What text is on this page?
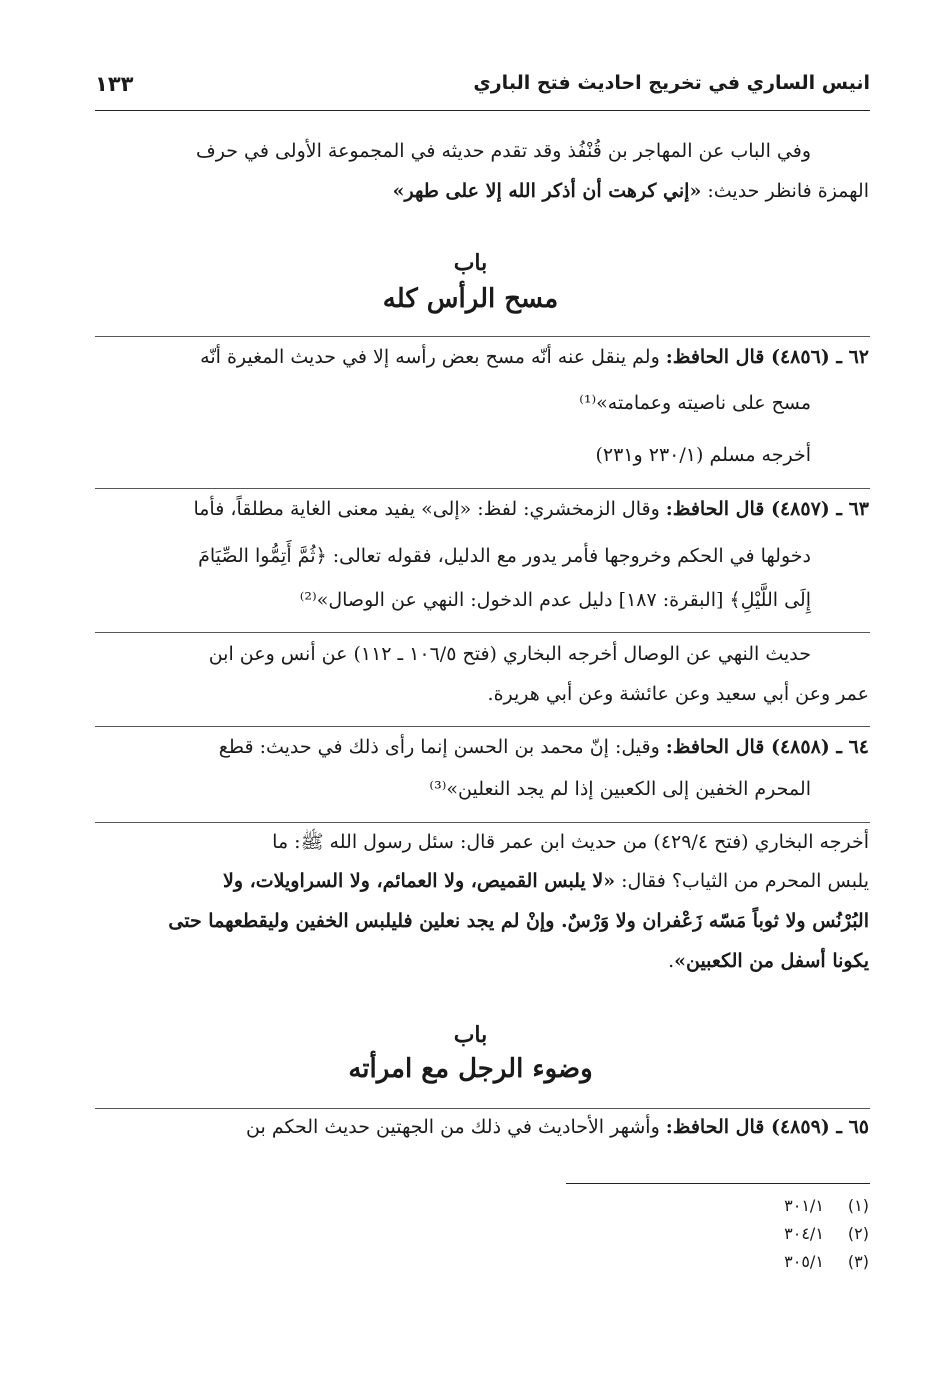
انيس الساري في تخريج احاديث فتح الباري
١٣٣
وفي الباب عن المهاجر بن قُنْفُذ وقد تقدم حديثه في المجموعة الأولى في حرف
الهمزة فانظر حديث: «إني كرهت أن أذكر الله إلا على طهر»
باب
مسح الرأس كله
٦٢ ـ (٤٨٥٦) قال الحافظ: ولم ينقل عنه أنّه مسح بعض رأسه إلا في حديث المغيرة أنّه
مسح على ناصيته وعمامته»⁽¹⁾
أخرجه مسلم (٢٣٠/١ و٢٣١)
٦٣ ـ (٤٨٥٧) قال الحافظ: وقال الزمخشري: لفظ: «إلى» يفيد معنى الغاية مطلقاً، فأما
دخولها في الحكم وخروجها فأمر يدور مع الدليل، فقوله تعالى: ﴿ثُمَّ أَتِمُّوا الصِّيَامَ
إِلَى اللَّيْلِ﴾ [البقرة: ١٨٧] دليل عدم الدخول: النهي عن الوصال»⁽²⁾
حديث النهي عن الوصال أخرجه البخاري (فتح ١٠٦/٥ ـ ١١٢) عن أنس وعن ابن
عمر وعن أبي سعيد وعن عائشة وعن أبي هريرة.
٦٤ ـ (٤٨٥٨) قال الحافظ: وقيل: إنّ محمد بن الحسن إنما رأى ذلك في حديث: قطع
المحرم الخفين إلى الكعبين إذا لم يجد النعلين»⁽³⁾
أخرجه البخاري (فتح ٤٢٩/٤) من حديث ابن عمر قال: سئل رسول الله ﷺ: ما
يلبس المحرم من الثياب؟ فقال: «لا يلبس القميص، ولا العمائم، ولا السراويلات، ولا
البُرْنُس ولا ثوباً مَسّه زَعْفران ولا وَرْسٌ. وإنْ لم يجد نعلين فليلبس الخفين وليقطعهما حتى
يكونا أسفل من الكعبين».
باب
وضوء الرجل مع امرأته
٦٥ ـ (٤٨٥٩) قال الحافظ: وأشهر الأحاديث في ذلك من الجهتين حديث الحكم بن
(١) ٣٠١/١
(٢) ٣٠٤/١
(٣) ٣٠٥/١
